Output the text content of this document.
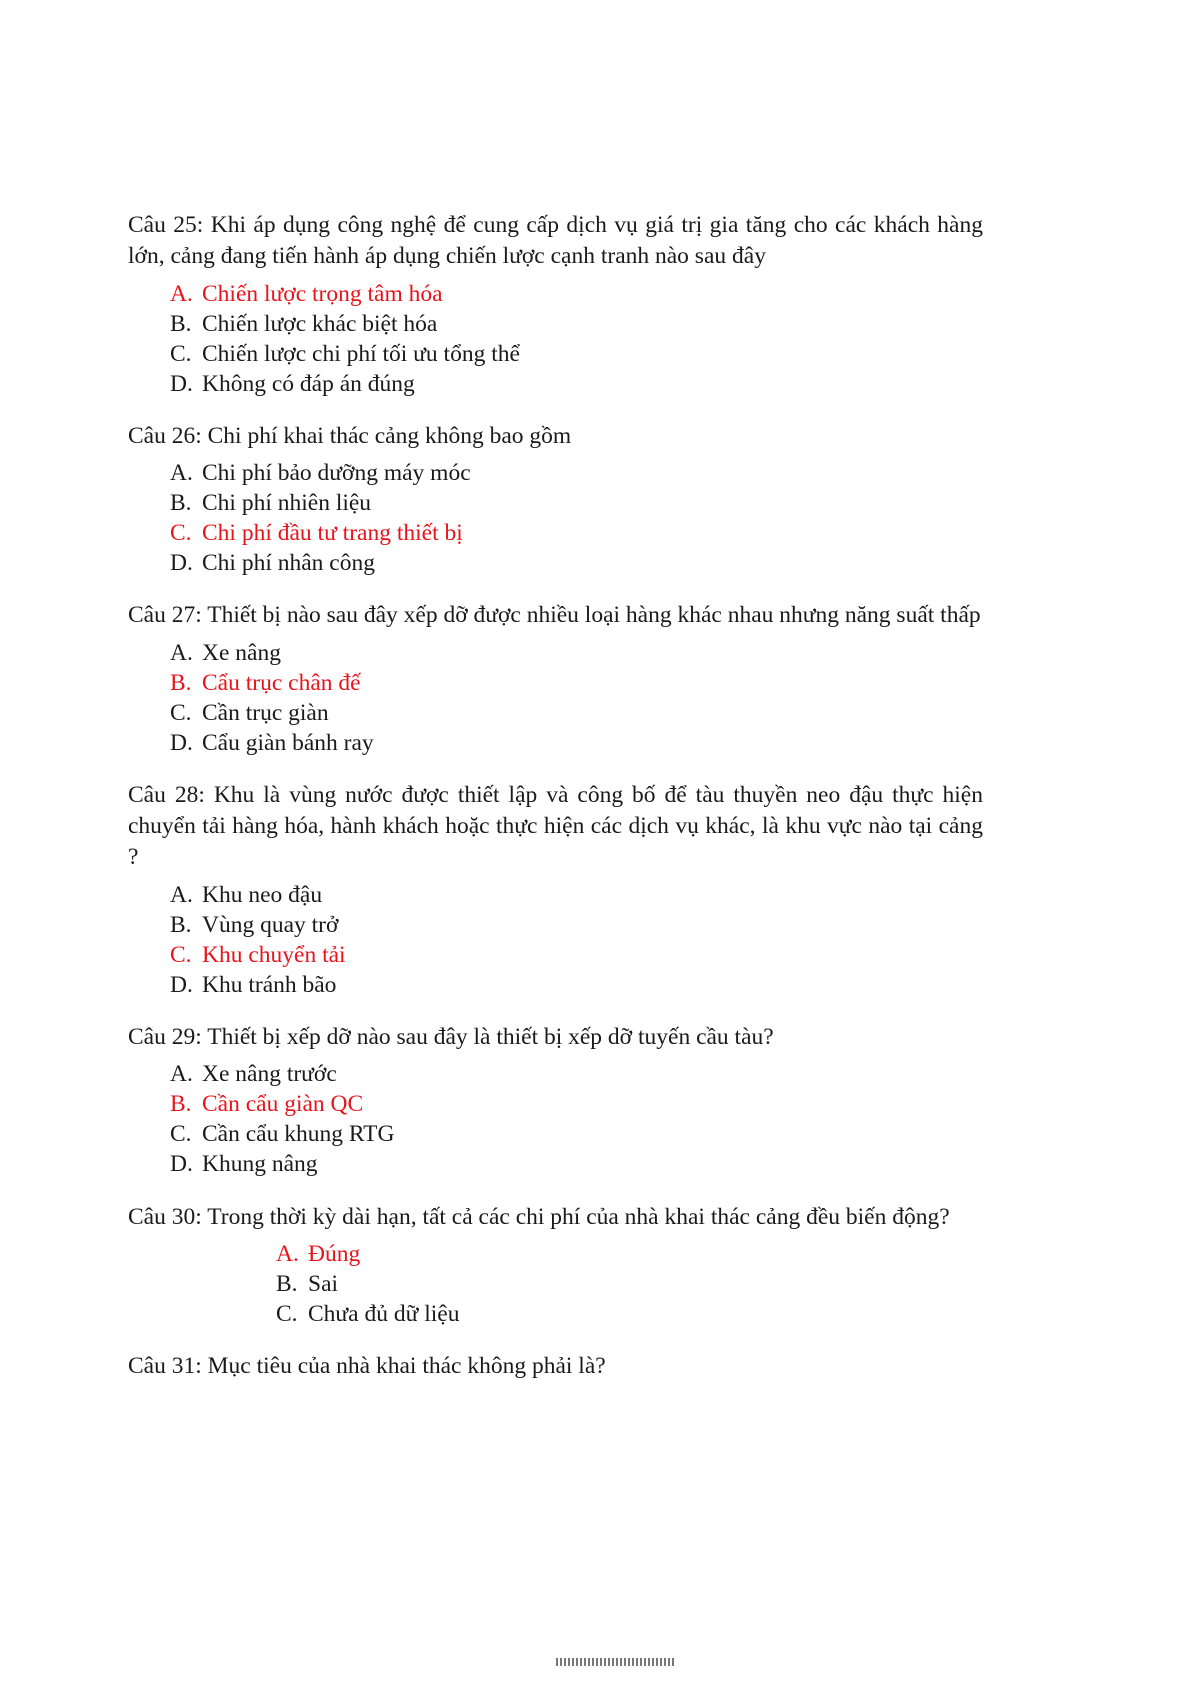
Câu 25: Khi áp dụng công nghệ để cung cấp dịch vụ giá trị gia tăng cho các khách hàng lớn, cảng đang tiến hành áp dụng chiến lược cạnh tranh nào sau đây

A. Chiến lược trọng tâm hóa
B. Chiến lược khác biệt hóa
C. Chiến lược chi phí tối ưu tổng thể
D. Không có đáp án đúng

Câu 26: Chi phí khai thác cảng không bao gồm

A. Chi phí bảo dưỡng máy móc
B. Chi phí nhiên liệu
C. Chi phí đầu tư trang thiết bị
D. Chi phí nhân công

Câu 27: Thiết bị nào sau đây xếp dỡ được nhiều loại hàng khác nhau nhưng năng suất thấp

A. Xe nâng
B. Cẩu trục chân đế
C. Cần trục giàn
D. Cẩu giàn bánh ray

Câu 28: Khu là vùng nước được thiết lập và công bố để tàu thuyền neo đậu thực hiện chuyển tải hàng hóa, hành khách hoặc thực hiện các dịch vụ khác, là khu vực nào tại cảng ?

A. Khu neo đậu
B. Vùng quay trở
C. Khu chuyển tải
D. Khu tránh bão

Câu 29: Thiết bị xếp dỡ nào sau đây là thiết bị xếp dỡ tuyến cầu tàu?

A. Xe nâng trước
B. Cần cẩu giàn QC
C. Cần cẩu khung RTG
D. Khung nâng

Câu 30: Trong thời kỳ dài hạn, tất cả các chi phí của nhà khai thác cảng đều biến động?

A. Đúng
B. Sai
C. Chưa đủ dữ liệu

Câu 31: Mục tiêu của nhà khai thác không phải là?
